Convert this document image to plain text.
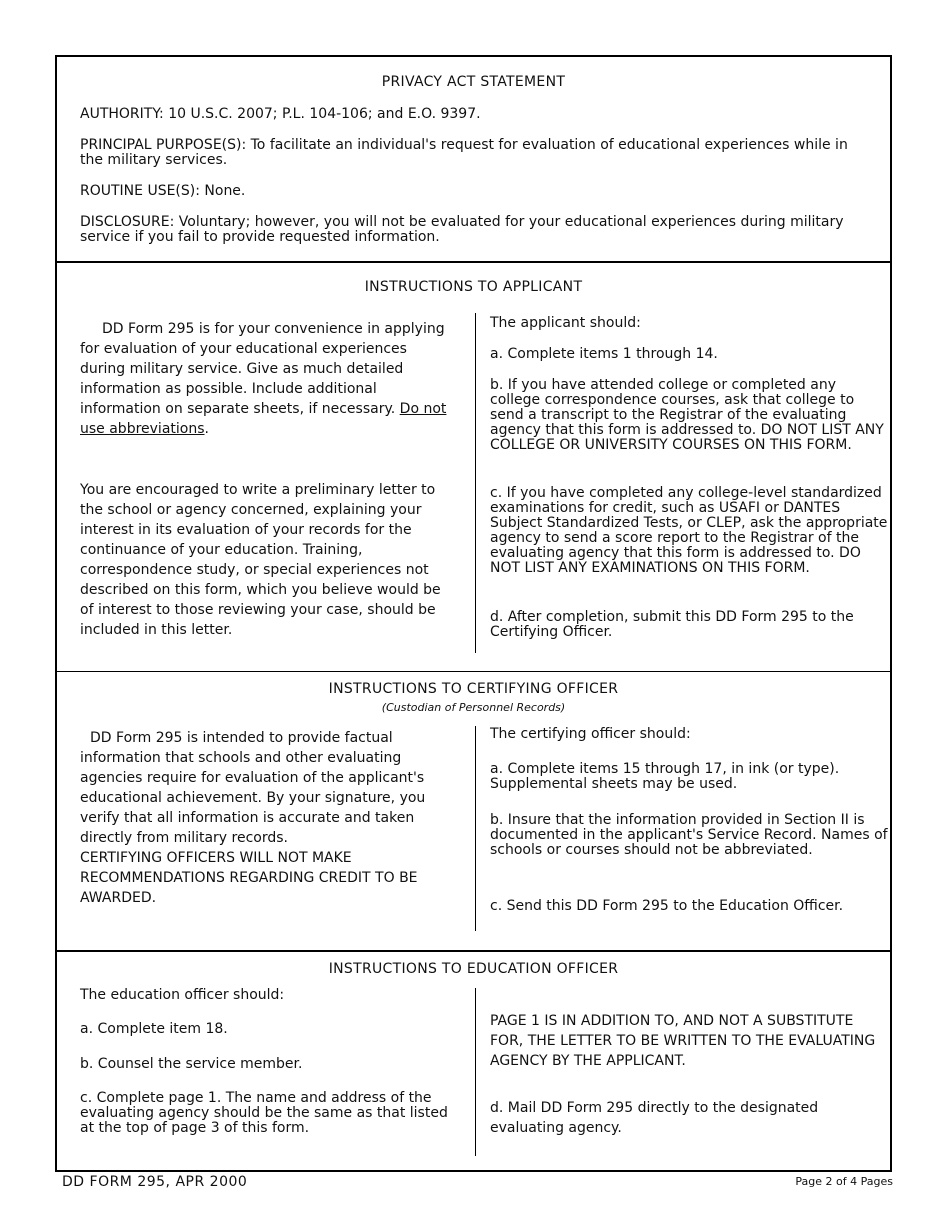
PRIVACY ACT STATEMENT

AUTHORITY: 10 U.S.C. 2007; P.L. 104-106; and E.O. 9397.

PRINCIPAL PURPOSE(S): To facilitate an individual's request for evaluation of educational experiences while in the military services.

ROUTINE USE(S): None.

DISCLOSURE: Voluntary; however, you will not be evaluated for your educational experiences during military service if you fail to provide requested information.

INSTRUCTIONS TO APPLICANT

DD Form 295 is for your convenience in applying for evaluation of your educational experiences during military service. Give as much detailed information as possible. Include additional information on separate sheets, if necessary. Do not use abbreviations.

You are encouraged to write a preliminary letter to the school or agency concerned, explaining your interest in its evaluation of your records for the continuance of your education. Training, correspondence study, or special experiences not described on this form, which you believe would be of interest to those reviewing your case, should be included in this letter.

The applicant should:

a. Complete items 1 through 14.

b. If you have attended college or completed any college correspondence courses, ask that college to send a transcript to the Registrar of the evaluating agency that this form is addressed to. DO NOT LIST ANY COLLEGE OR UNIVERSITY COURSES ON THIS FORM.

c. If you have completed any college-level standardized examinations for credit, such as USAFI or DANTES Subject Standardized Tests, or CLEP, ask the appropriate agency to send a score report to the Registrar of the evaluating agency that this form is addressed to. DO NOT LIST ANY EXAMINATIONS ON THIS FORM.

d. After completion, submit this DD Form 295 to the Certifying Officer.

INSTRUCTIONS TO CERTIFYING OFFICER
(Custodian of Personnel Records)

DD Form 295 is intended to provide factual information that schools and other evaluating agencies require for evaluation of the applicant's educational achievement. By your signature, you verify that all information is accurate and taken directly from military records.

CERTIFYING OFFICERS WILL NOT MAKE RECOMMENDATIONS REGARDING CREDIT TO BE AWARDED.

The certifying officer should:

a. Complete items 15 through 17, in ink (or type). Supplemental sheets may be used.

b. Insure that the information provided in Section II is documented in the applicant's Service Record. Names of schools or courses should not be abbreviated.

c. Send this DD Form 295 to the Education Officer.

INSTRUCTIONS TO EDUCATION OFFICER

The education officer should:

a. Complete item 18.

b. Counsel the service member.

c. Complete page 1. The name and address of the evaluating agency should be the same as that listed at the top of page 3 of this form.

PAGE 1 IS IN ADDITION TO, AND NOT A SUBSTITUTE FOR, THE LETTER TO BE WRITTEN TO THE EVALUATING AGENCY BY THE APPLICANT.

d. Mail DD Form 295 directly to the designated evaluating agency.

DD FORM 295, APR 2000	Page 2 of 4 Pages
